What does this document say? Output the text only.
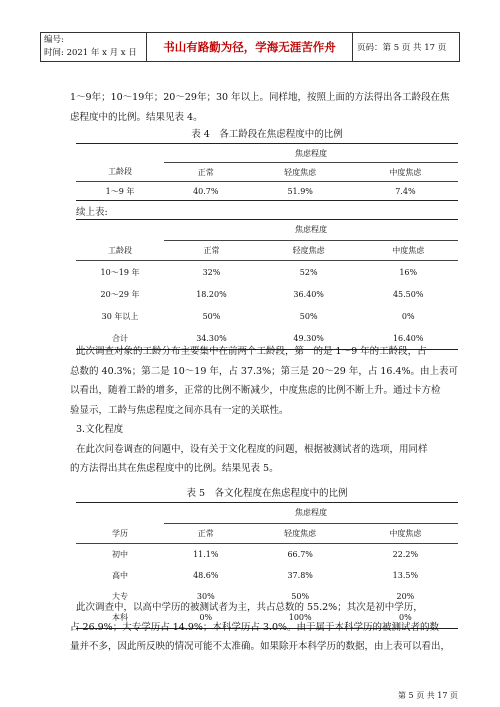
编号:
时间: 2021 年 x 月 x 日	书山有路勤为径，学海无涯苦作舟	页码：第 5 页 共 17 页
1～9年；10～19年；20～29年；30 年以上。同样地，按照上面的方法得出各工龄段在焦
虑程度中的比例。结果见表 4。
表 4　各工龄段在焦虑程度中的比例
	焦虑程度		
工龄段	正常	轻度焦虑	中度焦虑
1～9 年	40.7%	51.9%	7.4%
续上表:
	焦虑程度		
工龄段	正常	轻度焦虑	中度焦虑
10～19 年	32%	52%	16%
20～29 年	18.20%	36.40%	45.50%
30 年以上	50%	50%	0%
合计	34.30%	49.30%	16.40%
此次调查对象的工龄分布主要集中在前两个工龄段，第一的是 1～9 年的工龄段，占
总数的 40.3%；第二是 10～19 年，占 37.3%；第三是 20～29 年，占 16.4%。由上表可
以看出，随着工龄的增多，正常的比例不断减少，中度焦虑的比例不断上升。通过卡方检
验显示，工龄与焦虑程度之间亦具有一定的关联性。
3.文化程度
在此次问卷调查的问题中，设有关于文化程度的问题，根据被测试者的选项，用同样
的方法得出其在焦虑程度中的比例。结果见表 5。
表 5　各文化程度在焦虑程度中的比例
	焦虑程度		
学历	正常	轻度焦虑	中度焦虑
初中	11.1%	66.7%	22.2%
高中	48.6%	37.8%	13.5%
大专	30%	50%	20%
本科	0%	100%	0%
此次调查中，以高中学历的被测试者为主，共占总数的 55.2%；其次是初中学历，
占 26.9%；大专学历占 14.9%；本科学历占 3.0%。由于属于本科学历的被测试者的数
量并不多，因此所反映的情况可能不太准确。如果除开本科学历的数据，由上表可以看出，
第 5 页 共 17 页
